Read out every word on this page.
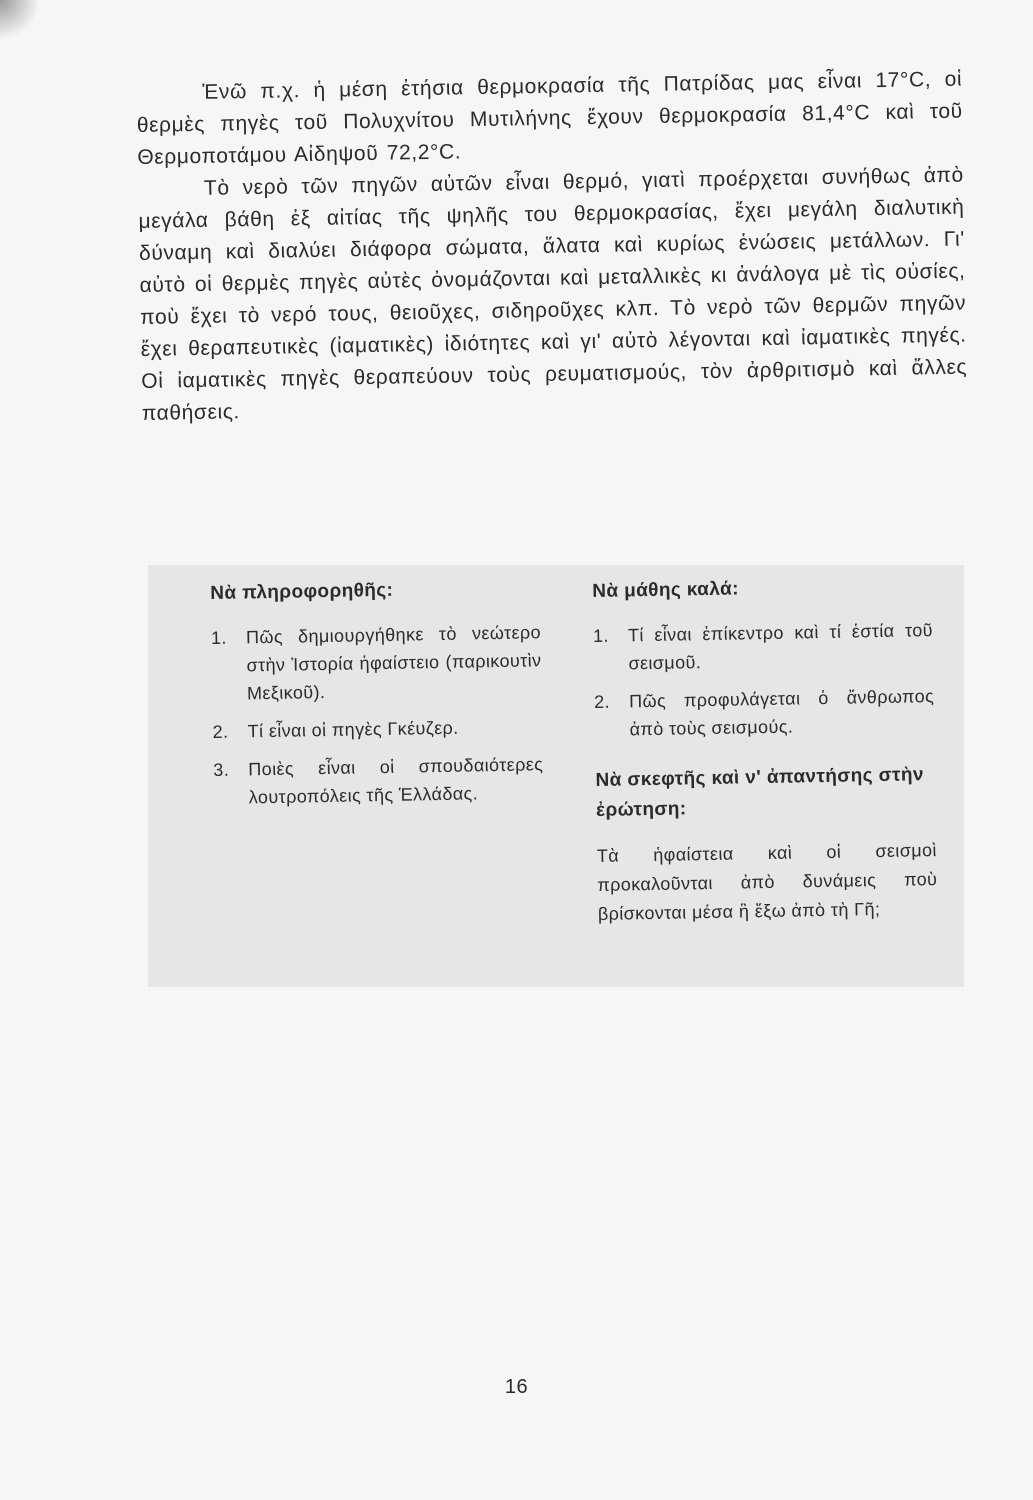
Ἐνῶ π.χ. ἡ μέση ἐτήσια θερμοκρασία τῆς Πατρίδας μας εἶναι 17°C, οἱ θερμὲς πηγὲς τοῦ Πολυχνίτου Μυτιλήνης ἔχουν θερμοκρασία 81,4°C καὶ τοῦ Θερμοποτάμου Αἰδηψοῦ 72,2°C.

Τὸ νερὸ τῶν πηγῶν αὐτῶν εἶναι θερμό, γιατὶ προέρχεται συνήθως ἀπὸ μεγάλα βάθη ἐξ αἰτίας τῆς ψηλῆς του θερμοκρασίας, ἔχει μεγάλη διαλυτικὴ δύναμη καὶ διαλύει διάφορα σώματα, ἅλατα καὶ κυρίως ἑνώσεις μετάλλων. Γι' αὐτὸ οἱ θερμὲς πηγὲς αὐτὲς ὀνομάζονται καὶ μεταλλικὲς κι ἀνάλογα μὲ τὶς οὐσίες, ποὺ ἔχει τὸ νερό τους, θειοῦχες, σιδηροῦχες κλπ. Τὸ νερὸ τῶν θερμῶν πηγῶν ἔχει θεραπευτικὲς (ἰαματικὲς) ἰδιότητες καὶ γι' αὐτὸ λέγονται καὶ ἰαματικὲς πηγές. Οἱ ἰαματικὲς πηγὲς θεραπεύουν τοὺς ρευματισμούς, τὸν ἀρθριτισμὸ καὶ ἄλλες παθήσεις.

Νὰ πληροφορηθῆς:
1. Πῶς δημιουργήθηκε τὸ νεώτερο στὴν Ἱστορία ἡφαίστειο (παρικουτὶν Μεξικοῦ).
2. Τί εἶναι οἱ πηγὲς Γκέυζερ.
3. Ποιὲς εἶναι οἱ σπουδαιότερες λουτροπόλεις τῆς Ἑλλάδας.
Νὰ μάθης καλά:
1. Τί εἶναι ἐπίκεντρο καὶ τί ἑστία τοῦ σεισμοῦ.
2. Πῶς προφυλάγεται ὁ ἄνθρωπος ἀπὸ τοὺς σεισμούς.
Νὰ σκεφτῆς καὶ ν' ἀπαντήσης στὴν ἐρώτηση:

Τὰ ἡφαίστεια καὶ οἱ σεισμοὶ προκαλοῦνται ἀπὸ δυνάμεις ποὺ βρίσκονται μέσα ἢ ἔξω ἀπὸ τὴ Γῆ;

16
